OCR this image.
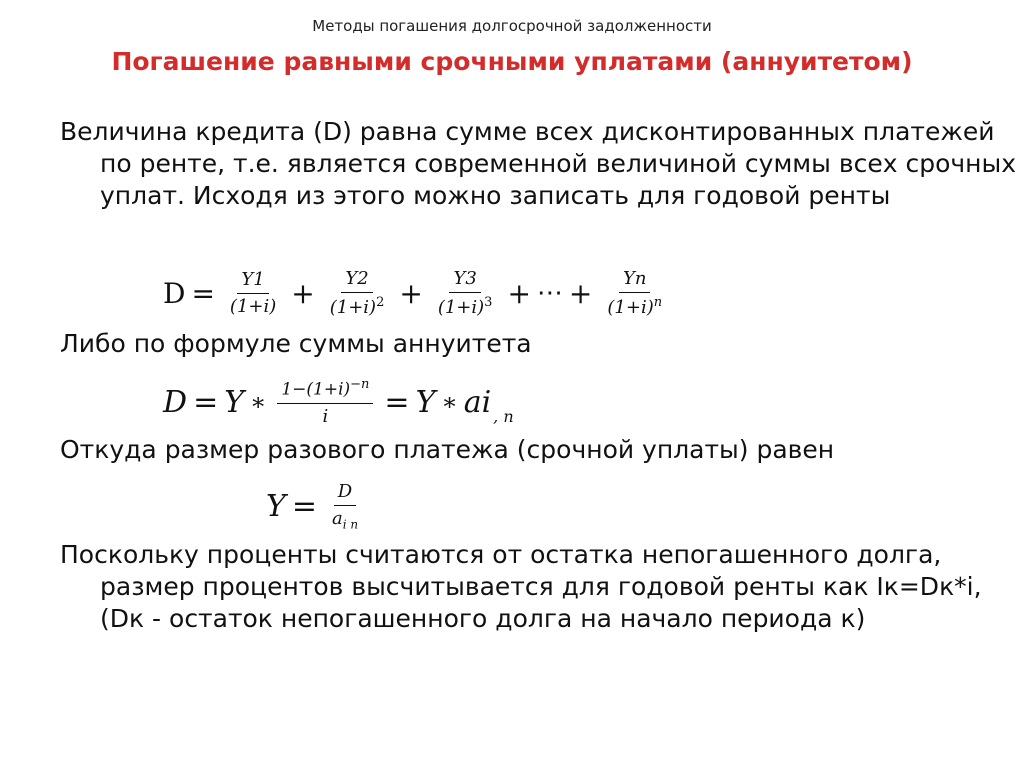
Методы погашения долгосрочной задолженности
Погашение равными срочными уплатами (аннуитетом)
Величина кредита (D) равна сумме всех дисконтированных платежей по ренте, т.е. является современной величиной суммы всех срочных уплат. Исходя из этого можно записать для годовой ренты
$D = \frac{Y1}{(1+i)} + \frac{Y2}{(1+i)^2} + \frac{Y3}{(1+i)^3}$ + ⋯ + $\frac{Yn}{(1+i)^n}$
Либо по формуле суммы аннуитета
D = Y ∗ $\frac{1-(1+i)^{-n}}{i} = Y$ ∗ $ai_{, n}$
Откуда размер разового платежа (срочной уплаты) равен
$Y = \frac{D}{a_{i n}}$
Поскольку проценты считаются от остатка непогашенного долга, размер процентов высчитывается для годовой ренты как Iк=Dк*i, (Dк - остаток непогашенного долга на начало периода к)
